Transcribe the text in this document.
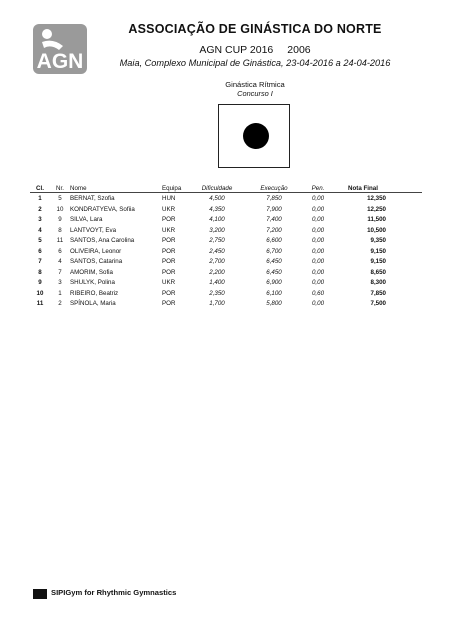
AGN
ASSOCIAÇÃO DE GINÁSTICA DO NORTE
AGN CUP 2016 2006
Maia, Complexo Municipal de Ginástica, 23-04-2016 a 24-04-2016
Ginástica Rítmica
Concurso I
Cl.	Nr. Nome	Equipa	Dificuldade	Execução	Pen.	Nota Final
1	5	BERNAT, Szofia	HUN	4,500	7,850	0,00	12,350
2	10	KONDRATYEVA, Sofiia	UKR	4,350	7,900	0,00	12,250
3	9	SILVA, Lara	POR	4,100	7,400	0,00	11,500
4	8	LANTVOYT, Eva	UKR	3,200	7,200	0,00	10,500
5	11	SANTOS, Ana Carolina	POR	2,750	6,600	0,00	9,350
6	6	OLIVEIRA, Leonor	POR	2,450	6,700	0,00	9,150
7	4	SANTOS, Catarina	POR	2,700	6,450	0,00	9,150
8	7	AMORIM, Sofia	POR	2,200	6,450	0,00	8,650
9	3	SHULYK, Polina	UKR	1,400	6,900	0,00	8,300
10	1	RIBEIRO, Beatriz	POR	2,350	6,100	0,60	7,850
11	2	SPÍNOLA, Maria	POR	1,700	5,800	0,00	7,500
SIPIGym for Rhythmic Gymnastics
